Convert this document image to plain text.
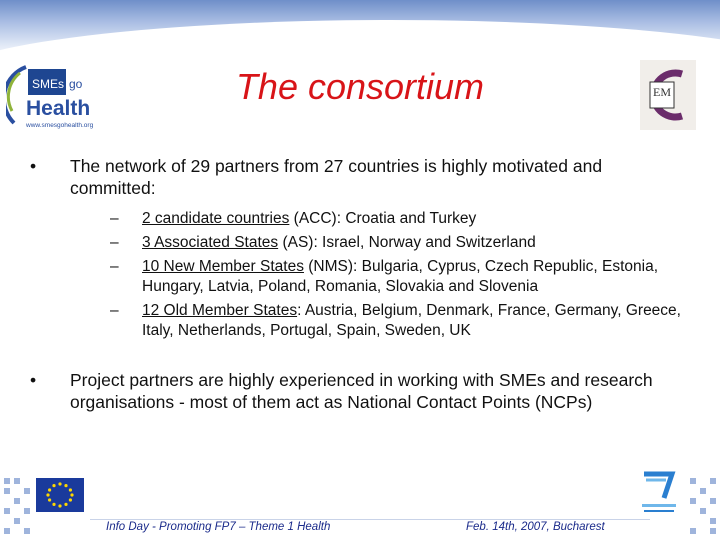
SMEs go
Health
www.smesgohealth.org
The consortium	EM
• The network of 29 partners from 27 countries is highly motivated and committed:
– 2 candidate countries (ACC): Croatia and Turkey
– 3 Associated States (AS): Israel, Norway and Switzerland
– 10 New Member States (NMS): Bulgaria, Cyprus, Czech Republic, Estonia, Hungary, Latvia, Poland, Romania, Slovakia and Slovenia
– 12 Old Member States: Austria, Belgium, Denmark, France, Germany, Greece, Italy, Netherlands, Portugal, Spain, Sweden, UK
• Project partners are highly experienced in working with SMEs and research organisations - most of them act as National Contact Points (NCPs)
Info Day - Promoting FP7 – Theme 1 Health	Feb. 14th, 2007, Bucharest
